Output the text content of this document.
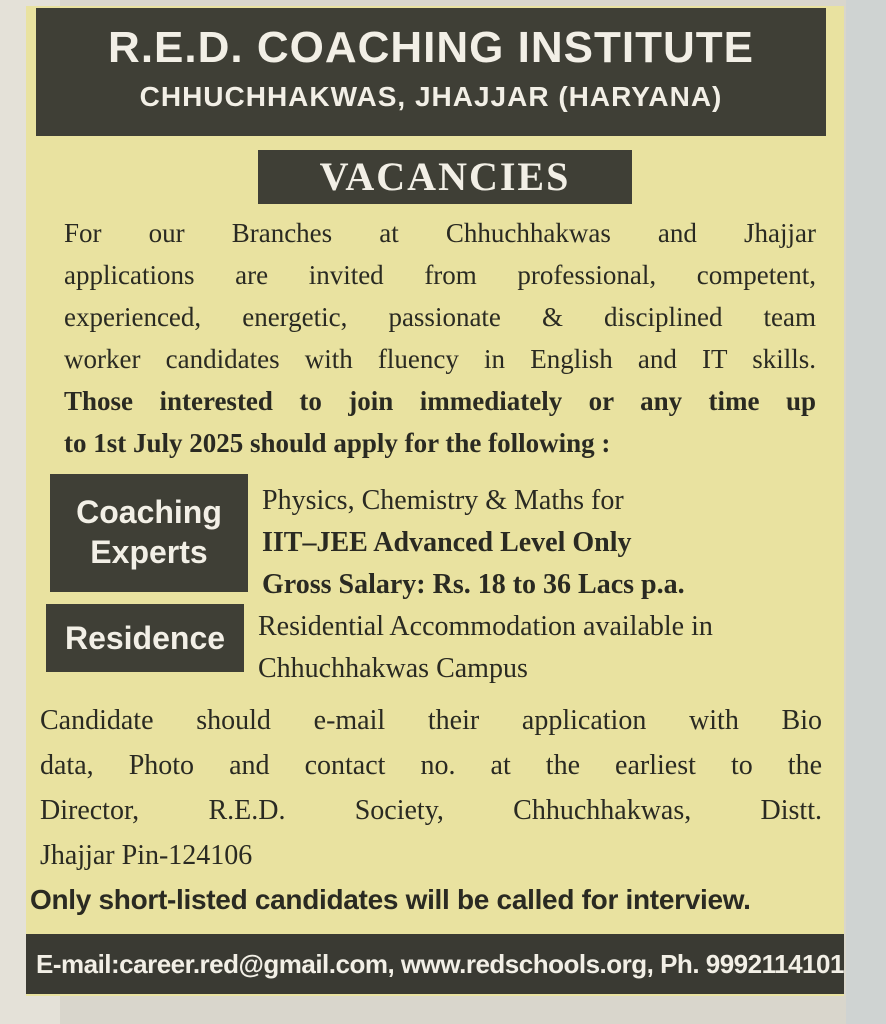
R.E.D. COACHING INSTITUTE
CHHUCHHAKWAS, JHAJJAR (HARYANA)
VACANCIES
For our Branches at Chhuchhakwas and Jhajjar
applications are invited from professional, competent,
experienced, energetic, passionate & disciplined team
worker candidates with fluency in English and IT skills.
Those interested to join immediately or any time up
to 1st July 2025 should apply for the following :
Coaching
Experts
Physics, Chemistry & Maths for
IIT–JEE Advanced Level Only
Gross Salary: Rs. 18 to 36 Lacs p.a.
Residence	Residential Accommodation available in
Chhuchhakwas Campus
Candidate should e-mail their application with Bio
data, Photo and contact no. at the earliest to the
Director, R.E.D. Society, Chhuchhakwas, Distt.
Jhajjar Pin-124106
Only short-listed candidates will be called for interview.
E-mail:career.red@gmail.com, www.redschools.org, Ph. 9992114101
